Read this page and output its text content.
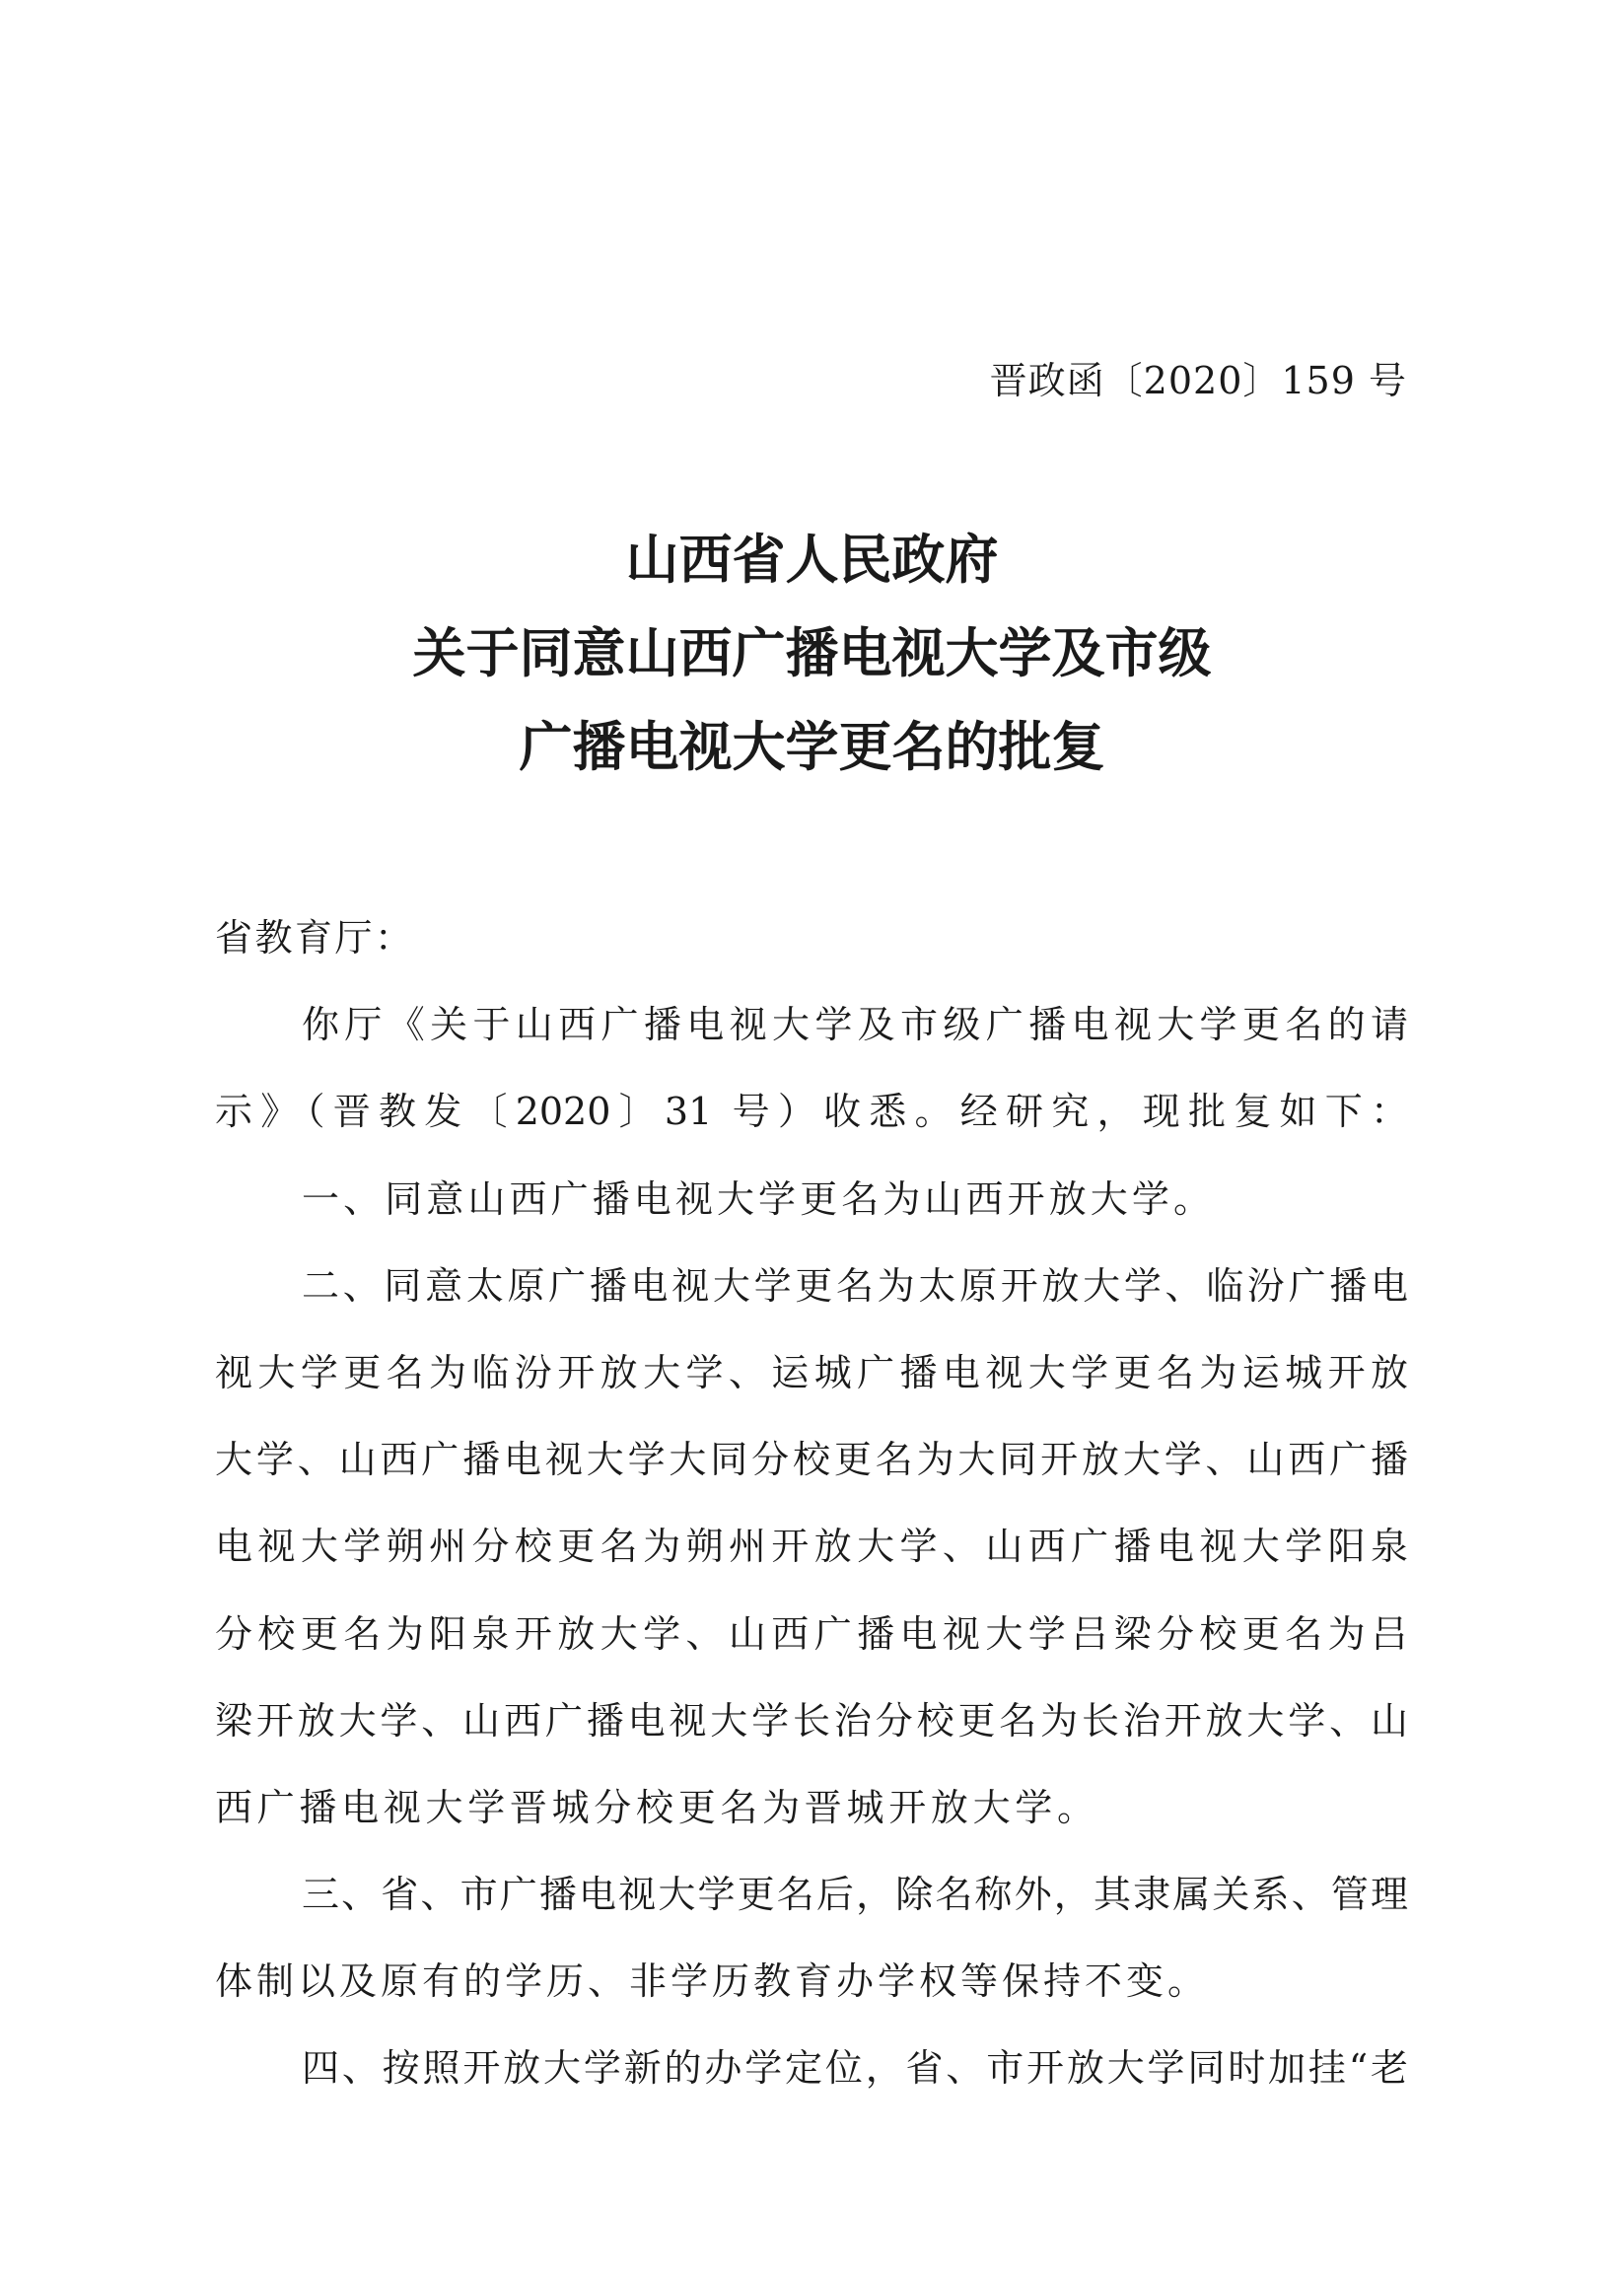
晋政函〔2020〕159 号
山西省人民政府
关于同意山西广播电视大学及市级
广播电视大学更名的批复
省教育厅：
你厅《关于山西广播电视大学及市级广播电视大学更名的请
示》（晋教发〔2020〕31 号）收悉。经研究，现批复如下：
一、同意山西广播电视大学更名为山西开放大学。
二、同意太原广播电视大学更名为太原开放大学、临汾广播电
视大学更名为临汾开放大学、运城广播电视大学更名为运城开放
大学、山西广播电视大学大同分校更名为大同开放大学、山西广播
电视大学朔州分校更名为朔州开放大学、山西广播电视大学阳泉
分校更名为阳泉开放大学、山西广播电视大学吕梁分校更名为吕
梁开放大学、山西广播电视大学长治分校更名为长治开放大学、山
西广播电视大学晋城分校更名为晋城开放大学。
三、省、市广播电视大学更名后，除名称外，其隶属关系、管理
体制以及原有的学历、非学历教育办学权等保持不变。
四、按照开放大学新的办学定位，省、市开放大学同时加挂“老
